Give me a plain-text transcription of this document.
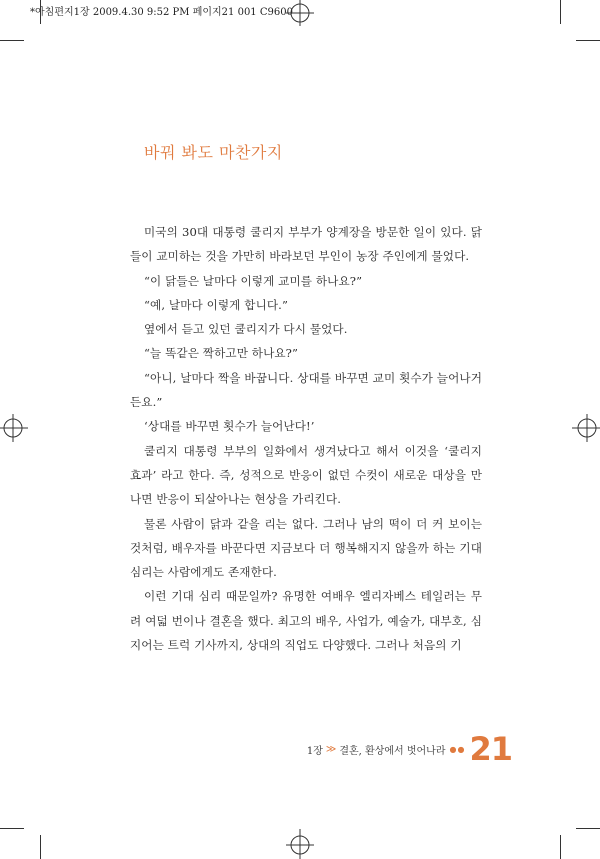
*아침편지1장 2009.4.30 9:52 PM 페이지21 001 C9600
바꿔 봐도 마찬가지

미국의 30대 대통령 쿨리지 부부가 양계장을 방문한 일이 있다. 닭들이 교미하는 것을 가만히 바라보던 부인이 농장 주인에게 물었다.

“이 닭들은 날마다 이렇게 교미를 하나요?”

“예, 날마다 이렇게 합니다.”

옆에서 듣고 있던 쿨리지가 다시 물었다.

“늘 똑같은 짝하고만 하나요?”

“아니, 날마다 짝을 바꿉니다. 상대를 바꾸면 교미 횟수가 늘어나거든요.”

‘상대를 바꾸면 횟수가 늘어난다!’

쿨리지 대통령 부부의 일화에서 생겨났다고 해서 이것을 ‘쿨리지 효과’ 라고 한다. 즉, 성적으로 반응이 없던 수컷이 새로운 대상을 만나면 반응이 되살아나는 현상을 가리킨다.

물론 사람이 닭과 같을 리는 없다. 그러나 남의 떡이 더 커 보이는 것처럼, 배우자를 바꾼다면 지금보다 더 행복해지지 않을까 하는 기대 심리는 사람에게도 존재한다.

이런 기대 심리 때문일까? 유명한 여배우 엘리자베스 테일러는 무려 여덟 번이나 결혼을 했다. 최고의 배우, 사업가, 예술가, 대부호, 심지어는 트럭 기사까지, 상대의 직업도 다양했다. 그러나 처음의 기

1장 ≫ 결혼, 환상에서 벗어나라 ●● 21
